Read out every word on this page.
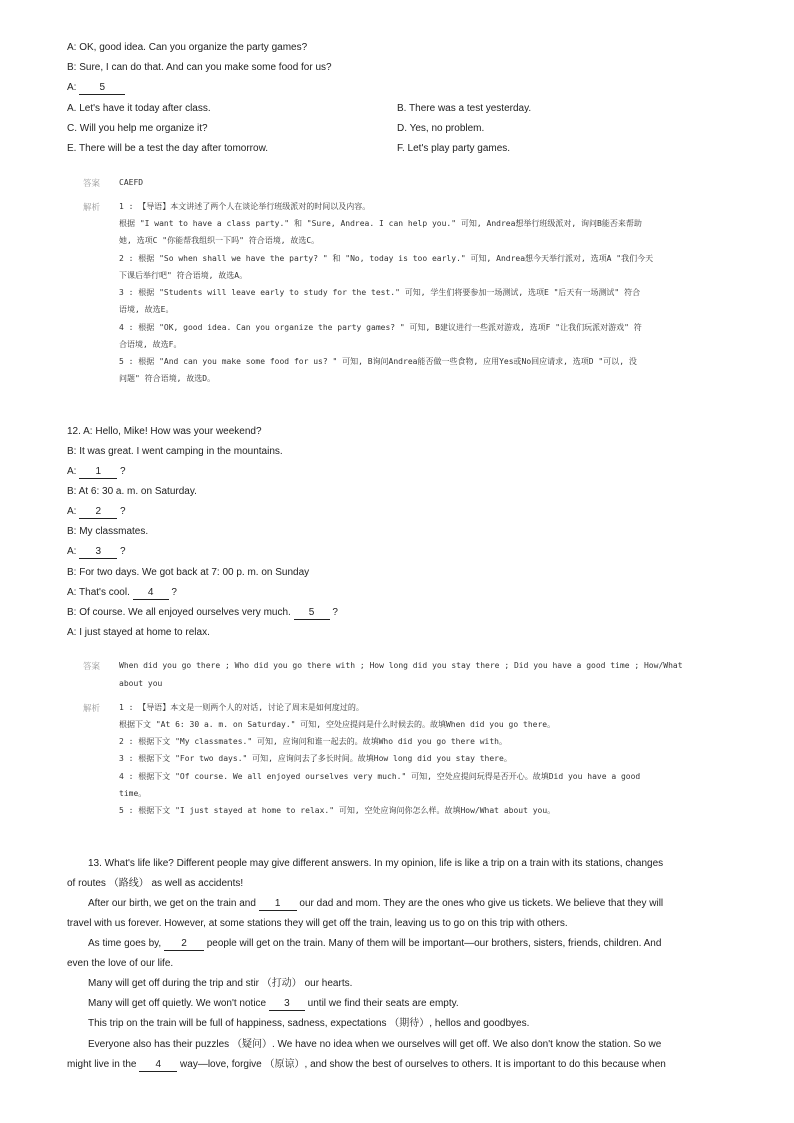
A: OK, good idea. Can you organize the party games?
B: Sure, I can do that. And can you make some food for us?
A: 5
A. Let's have it today after class.
C. Will you help me organize it?
E. There will be a test the day after tomorrow.
B. There was a test yesterday.
D. Yes, no problem.
F. Let's play party games.
答案 CAEFD
解析 1 : 【导语】本文讲述了两个人在谈论举行班级派对的时间以及内容。
根据 "I want to have a class party." 和 "Sure, Andrea. I can help you." 可知, Andrea想举行班级派对, 询问B能否来帮助
她, 选项C "你能帮我组织一下吗" 符合语境, 故选C。
2 : 根据 "So when shall we have the party? " 和 "No, today is too early." 可知, Andrea想今天举行派对, 选项A "我们今天
下课后举行吧" 符合语境, 故选A。
3 : 根据 "Students will leave early to study for the test." 可知, 学生们将要参加一场测试, 选项E "后天有一场测试" 符合
语境, 故选E。
4 : 根据 "OK, good idea. Can you organize the party games? " 可知, B建议进行一些派对游戏, 选项F "让我们玩派对游戏" 符
合语境, 故选F。
5 : 根据 "And can you make some food for us? " 可知, B询问Andrea能否做一些食物, 应用Yes或No回应请求, 选项D "可以, 没
问题" 符合语境, 故选D。
12. A: Hello, Mike! How was your weekend?
B: It was great. I went camping in the mountains.
A: 1 ?
B: At 6: 30 a. m. on Saturday.
A: 2 ?
B: My classmates.
A: 3 ?
B: For two days. We got back at 7: 00 p. m. on Sunday
A: That's cool. 4 ?
B: Of course. We all enjoyed ourselves very much. 5 ?
A: I just stayed at home to relax.
答案 When did you go there ; Who did you go there with ; How long did you stay there ; Did you have a good time ; How/What
about you
解析 1 : 【导语】本文是一则两个人的对话, 讨论了周末是如何度过的。
根据下文 "At 6: 30 a. m. on Saturday." 可知, 空处应提问是什么时候去的。故填When did you go there。
2 : 根据下文 "My classmates." 可知, 应询问和谁一起去的。故填Who did you go there with。
3 : 根据下文 "For two days." 可知, 应询问去了多长时间。故填How long did you stay there。
4 : 根据下文 "Of course. We all enjoyed ourselves very much." 可知, 空处应提问玩得是否开心。故填Did you have a good
time。
5 : 根据下文 "I just stayed at home to relax." 可知, 空处应询问你怎么样。故填How/What about you。
13. What's life like? Different people may give different answers. In my opinion, life is like a trip on a train with its stations, changes
of routes （路线） as well as accidents!
After our birth, we get on the train and 1 our dad and mom. They are the ones who give us tickets. We believe that they will
travel with us forever. However, at some stations they will get off the train, leaving us to go on this trip with others.
As time goes by, 2 people will get on the train. Many of them will be important—our brothers, sisters, friends, children. And
even the love of our life.
Many will get off during the trip and stir （打动） our hearts.
Many will get off quietly. We won't notice 3 until we find their seats are empty.
This trip on the train will be full of happiness, sadness, expectations （期待）, hellos and goodbyes.
Everyone also has their puzzles （疑问）. We have no idea when we ourselves will get off. We also don't know the station. So we
might live in the 4 way—love, forgive （原谅）, and show the best of ourselves to others. It is important to do this because when
